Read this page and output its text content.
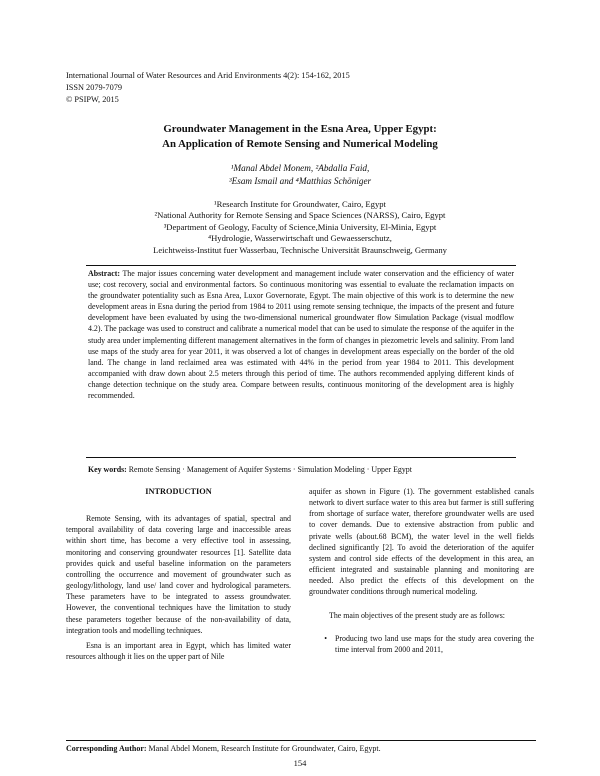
International Journal of Water Resources and Arid Environments 4(2): 154-162, 2015
ISSN 2079-7079
© PSIPW, 2015
Groundwater Management in the Esna Area, Upper Egypt:
An Application of Remote Sensing and Numerical Modeling
¹Manal Abdel Monem, ²Abdalla Faid,
³Esam Ismail and ⁴Matthias Schöniger
¹Research Institute for Groundwater, Cairo, Egypt
²National Authority for Remote Sensing and Space Sciences (NARSS), Cairo, Egypt
³Department of Geology, Faculty of Science,Minia University, El-Minia, Egypt
⁴Hydrologie, Wasserwirtschaft und Gewaesserschutz,
Leichtweiss-Institut fuer Wasserbau, Technische Universität Braunschweig, Germany
Abstract: The major issues concerning water development and management include water conservation and the efficiency of water use; cost recovery, social and environmental factors. So continuous monitoring was essential to evaluate the reclamation impacts on the groundwater potentiality such as Esna Area, Luxor Governorate, Egypt. The main objective of this work is to determine the new development areas in Esna during the period from 1984 to 2011 using remote sensing technique, the impacts of the present and future development have been evaluated by using the two-dimensional numerical groundwater flow Simulation Package (visual modflow 4.2). The package was used to construct and calibrate a numerical model that can be used to simulate the response of the aquifer in the study area under implementing different management alternatives in the form of changes in piezometric levels and salinity. From land use maps of the study area for year 2011, it was observed a lot of changes in development areas especially on the border of the old land. The change in land reclaimed area was estimated with 44% in the period from year 1984 to 2011. This development accompanied with draw down about 2.5 meters through this period of time. The authors recommended applying different kinds of change detection technique on the study area. Compare between results, continuous monitoring of the development area is highly recommended.
Key words: Remote Sensing · Management of Aquifer Systems · Simulation Modeling · Upper Egypt

INTRODUCTION

Remote Sensing, with its advantages of spatial, spectral and temporal availability of data covering large and inaccessible areas within short time, has become a very effective tool in assessing, monitoring and conserving groundwater resources [1]. Satellite data provides quick and useful baseline information on the parameters controlling the occurrence and movement of groundwater such as geology/lithology, land use/ land cover and hydrological parameters. These parameters have to be integrated to assess groundwater. However, the conventional techniques have the limitation to study these parameters together because of the non-availability of data, integration tools and modelling techniques.

Esna is an important area in Egypt, which has limited water resources although it lies on the upper part of Nile

aquifer as shown in Figure (1). The government established canals network to divert surface water to this area but farmer is still suffering from shortage of surface water, therefore groundwater wells are used to cover demands. Due to extensive abstraction from public and private wells (about.68 BCM), the water level in the well fields declined significantly [2]. To avoid the deterioration of the aquifer system and control side effects of the development in this area, an efficient integrated and sustainable planning and monitoring are needed. Also predict the effects of this development on the groundwater conditions through numerical modeling.

The main objectives of the present study are as follows:

•	Producing two land use maps for the study area covering the time interval from 2000 and 2011,
Corresponding Author: Manal Abdel Monem, Research Institute for Groundwater, Cairo, Egypt.
154
